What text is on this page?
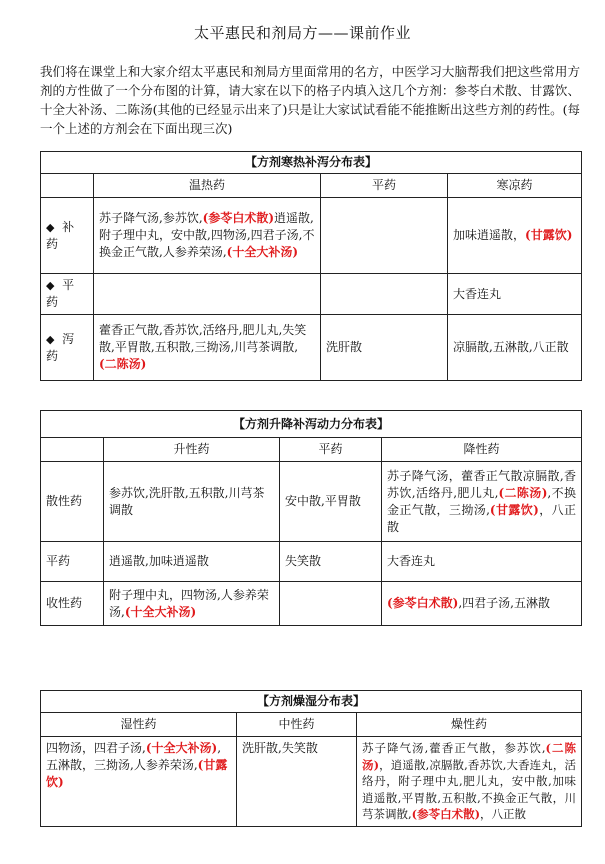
太平惠民和剂局方——课前作业
我们将在课堂上和大家介绍太平惠民和剂局方里面常用的名方，中医学习大脑帮我们把这些常用方剂的方性做了一个分布图的计算，请大家在以下的格子内填入这几个方剂：参苓白术散、甘露饮、十全大补汤、二陈汤(其他的已经显示出来了)只是让大家试试看能不能推断出这些方剂的药性。(每一个上述的方剂会在下面出现三次)
【方剂寒热补泻分布表】			
	温热药	平药	寒凉药
◆ 补
药	苏子降气汤,参苏饮,(参苓白术散)逍遥散,附子理中丸，安中散,四物汤,四君子汤,不换金正气散,人参养荣汤,(十全大补汤)		加味逍遥散，(甘露饮)
◆ 平
药			大香连丸
◆ 泻
药	藿香正气散,香苏饮,活络丹,肥儿丸,失笑散,平胃散,五积散,三拗汤,川芎茶调散,(二陈汤)	洗肝散	凉膈散,五淋散,八正散
【方剂升降补泻动力分布表】			
	升性药	平药	降性药
散性药	参苏饮,洗肝散,五积散,川芎茶调散	安中散,平胃散	苏子降气汤，藿香正气散凉膈散,香苏饮,活络丹,肥儿丸,(二陈汤),不换金正气散，三拗汤,(甘露饮)，八正散
平药	逍遥散,加味逍遥散	失笑散	大香连丸
收性药	附子理中丸，四物汤,人参养荣汤,(十全大补汤)		(参苓白术散),四君子汤,五淋散
【方剂燥湿分布表】		
湿性药	中性药	燥性药
四物汤，四君子汤,(十全大补汤),五淋散，三拗汤,人参养荣汤,(甘露饮)	洗肝散,失笑散	苏子降气汤,藿香正气散，参苏饮,(二陈汤)，逍遥散,凉膈散,香苏饮,大香连丸，活络丹，附子理中丸,肥儿丸，安中散,加味逍遥散,平胃散,五积散,不换金正气散，川芎茶调散,(参苓白术散)，八正散
